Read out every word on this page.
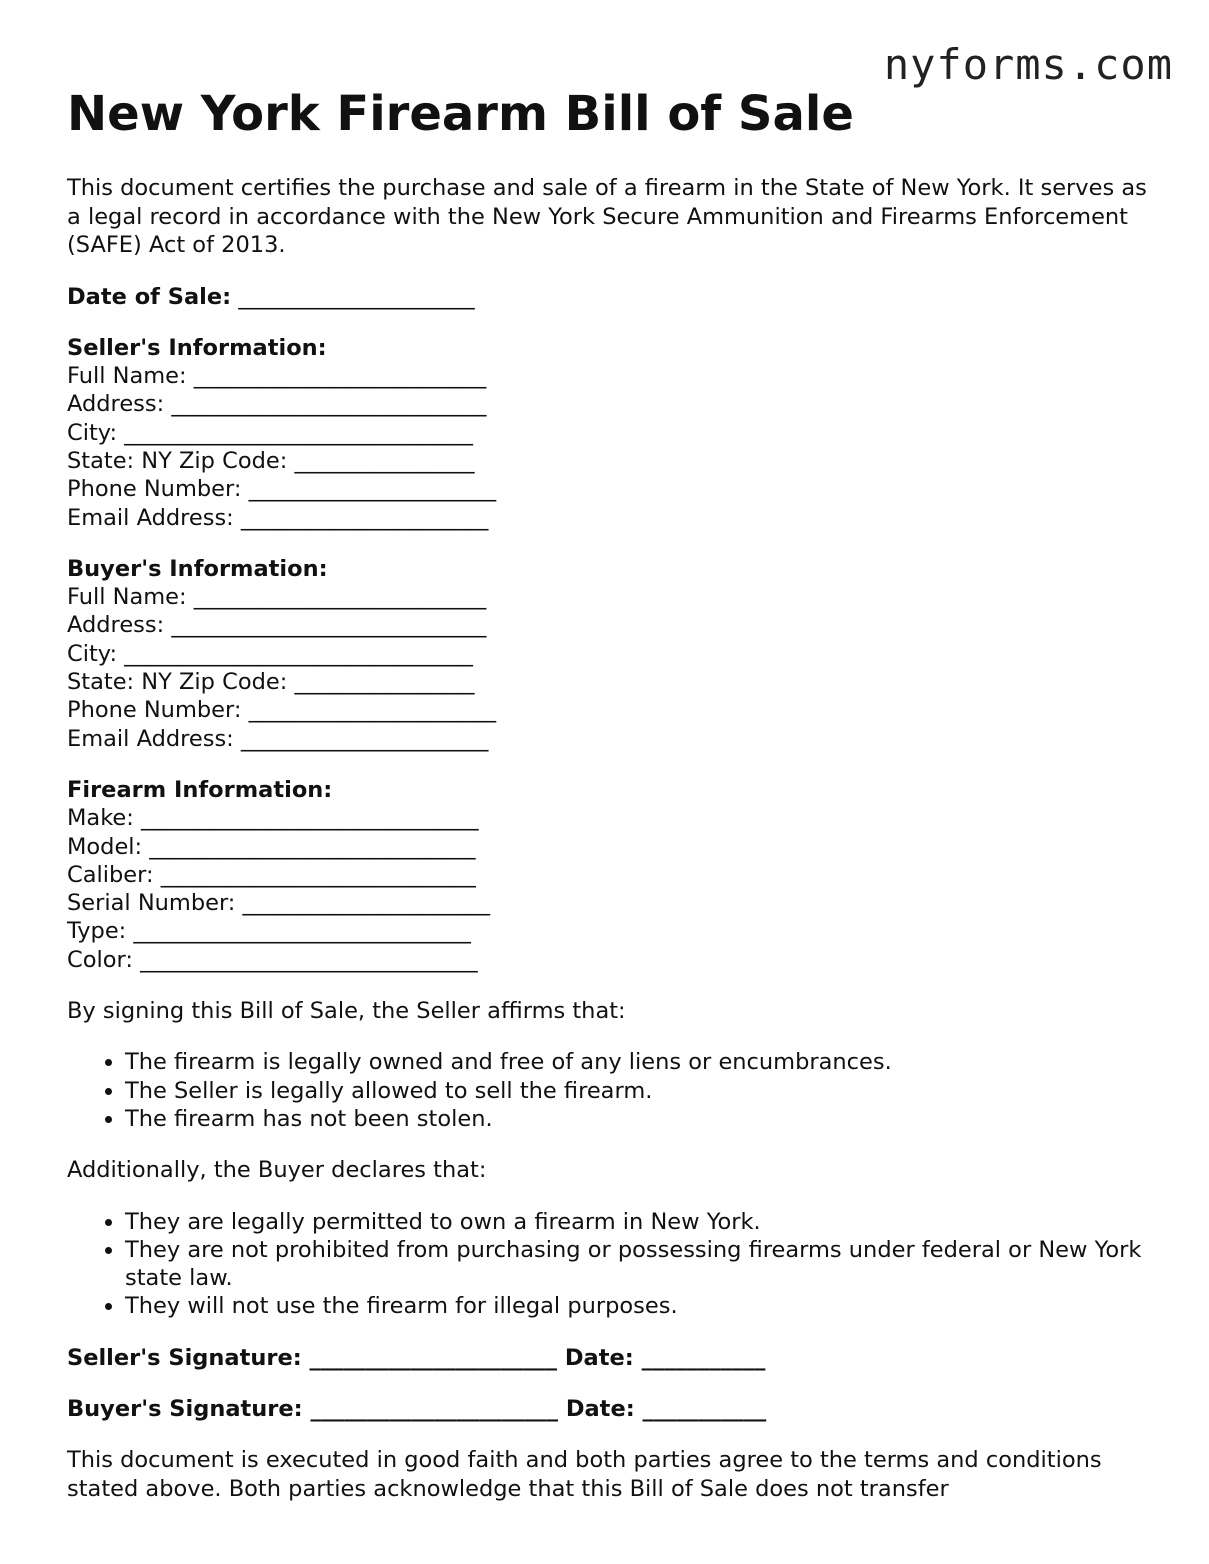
nyforms.com
New York Firearm Bill of Sale
This document certifies the purchase and sale of a firearm in the State of New York. It serves as a legal record in accordance with the New York Secure Ammunition and Firearms Enforcement (SAFE) Act of 2013.
Date of Sale: _____________________
Seller's Information:
Full Name: __________________________
Address: ____________________________
City: _______________________________
State: NY Zip Code: ________________
Phone Number: ______________________
Email Address: ______________________
Buyer's Information:
Full Name: __________________________
Address: ____________________________
City: _______________________________
State: NY Zip Code: ________________
Phone Number: ______________________
Email Address: ______________________
Firearm Information:
Make: ______________________________
Model: _____________________________
Caliber: ____________________________
Serial Number: ______________________
Type: ______________________________
Color: ______________________________
By signing this Bill of Sale, the Seller affirms that:
• The firearm is legally owned and free of any liens or encumbrances.
• The Seller is legally allowed to sell the firearm.
• The firearm has not been stolen.
Additionally, the Buyer declares that:
• They are legally permitted to own a firearm in New York.
• They are not prohibited from purchasing or possessing firearms under federal or New York state law.
• They will not use the firearm for illegal purposes.
Seller's Signature: ______________________ Date: ___________
Buyer's Signature: ______________________ Date: ___________
This document is executed in good faith and both parties agree to the terms and conditions stated above. Both parties acknowledge that this Bill of Sale does not transfer
